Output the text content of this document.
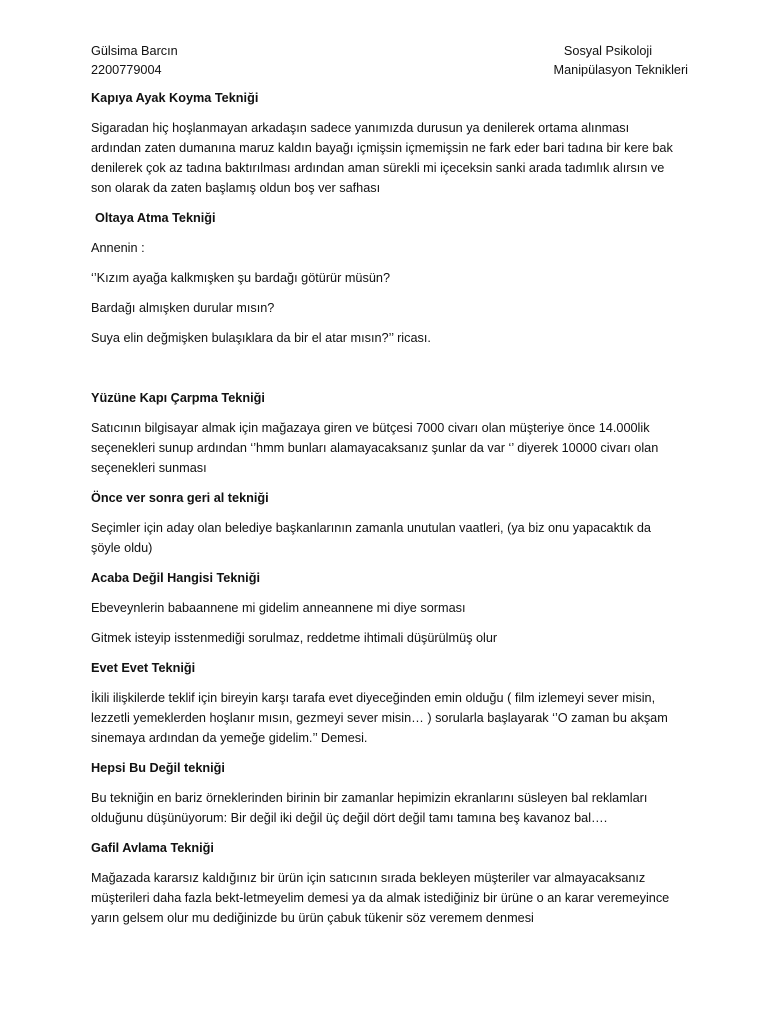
Gülsima Barcın
2200779004
Sosyal Psikoloji
Manipülasyon Teknikleri
Kapıya Ayak Koyma Tekniği
Sigaradan hiç hoşlanmayan arkadaşın sadece yanımızda durusun ya denilerek ortama alınması ardından zaten dumanına maruz kaldın bayağı içmişsin içmemişsin ne fark eder bari tadına bir kere bak denilerek çok az tadına baktırılması ardından aman sürekli mi içeceksin sanki arada tadımlık alırsın ve son olarak da zaten başlamış oldun boş ver safhası
Oltaya Atma Tekniği
Annenin :
‘’Kızım ayağa kalkmışken şu bardağı götürür müsün?
Bardağı almışken durular mısın?
Suya elin değmişken bulaşıklara da bir el atar mısın?’’ ricası.
Yüzüne Kapı Çarpma Tekniği
Satıcının bilgisayar almak için mağazaya giren ve bütçesi 7000 civarı olan müşteriye önce 14.000lik seçenekleri sunup ardından ‘’hmm bunları alamayacaksanız şunlar da var ‘’ diyerek 10000 civarı olan seçenekleri sunması
Önce ver sonra geri al tekniği
Seçimler için aday olan belediye başkanlarının zamanla unutulan vaatleri, (ya biz onu yapacaktık da şöyle oldu)
Acaba Değil Hangisi Tekniği
Ebeveynlerin babaannene mi gidelim anneannene mi diye sorması
Gitmek isteyip isstenmediği sorulmaz, reddetme ihtimali düşürülmüş olur
Evet Evet Tekniği
İkili ilişkilerde teklif için bireyin karşı tarafa evet diyeceğinden emin olduğu ( film izlemeyi sever misin, lezzetli yemeklerden hoşlanır mısın, gezmeyi sever misin… ) sorularla başlayarak ‘’O zaman bu akşam sinemaya ardından da yemeğe gidelim.’’ Demesi.
Hepsi Bu Değil tekniği
Bu tekniğin en bariz örneklerinden birinin bir zamanlar hepimizin ekranlarını süsleyen bal reklamları olduğunu düşünüyorum: Bir değil iki değil üç değil dört değil tamı tamına beş kavanoz bal….
Gafil Avlama Tekniği
Mağazada kararsız kaldığınız bir ürün için satıcının sırada bekleyen müşteriler var almayacaksanız müşterileri daha fazla bekt-letmeyelim demesi ya da almak istediğiniz bir ürüne o an karar veremeyince yarın gelsem olur mu dediğinizde bu ürün çabuk tükenir söz veremem denmesi
